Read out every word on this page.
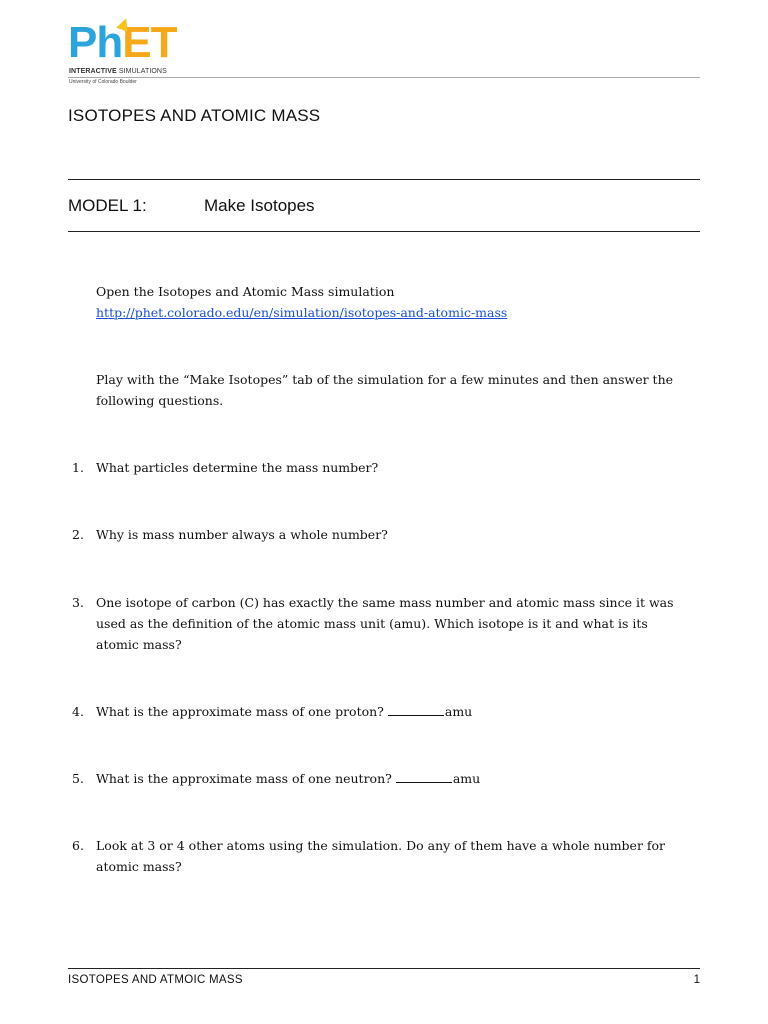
PhET
INTERACTIVE SIMULATIONS
University of Colorado Boulder
ISOTOPES AND ATOMIC MASS
MODEL 1:	Make Isotopes
Open the Isotopes and Atomic Mass simulation
http://phet.colorado.edu/en/simulation/isotopes-and-atomic-mass
Play with the “Make Isotopes” tab of the simulation for a few minutes and then answer the following questions.
1. What particles determine the mass number?
2. Why is mass number always a whole number?
3. One isotope of carbon (C) has exactly the same mass number and atomic mass since it was used as the definition of the atomic mass unit (amu). Which isotope is it and what is its atomic mass?
4. What is the approximate mass of one proton?	amu
5. What is the approximate mass of one neutron?	amu
6. Look at 3 or 4 other atoms using the simulation. Do any of them have a whole number for atomic mass?
ISOTOPES AND ATMOIC MASS	1
